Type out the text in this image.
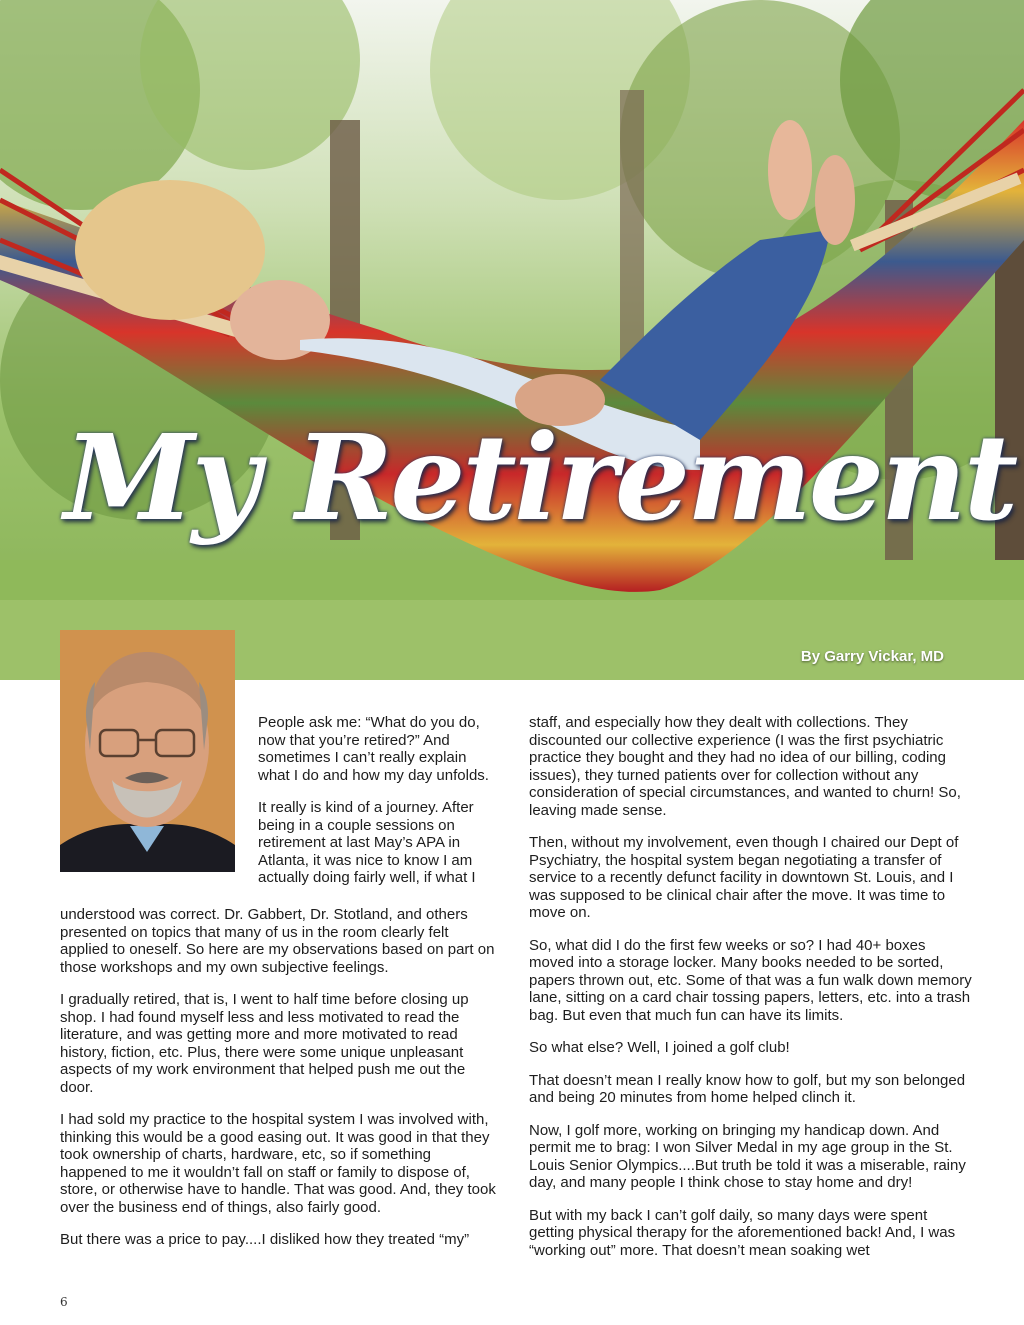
My Retirement
By Garry Vickar, MD

People ask me: “What do you do, now that you’re retired?” And sometimes I can’t really explain what I do and how my day unfolds.

It really is kind of a journey. After being in a couple sessions on retirement at last May’s APA in Atlanta, it was nice to know I am actually doing fairly well, if what I

understood was correct. Dr. Gabbert, Dr. Stotland, and others presented on topics that many of us in the room clearly felt applied to oneself. So here are my observations based on part on those workshops and my own subjective feelings.

I gradually retired, that is, I went to half time before closing up shop. I had found myself less and less motivated to read the literature, and was getting more and more motivated to read history, fiction, etc. Plus, there were some unique unpleasant aspects of my work environment that helped push me out the door.

I had sold my practice to the hospital system I was involved with, thinking this would be a good easing out. It was good in that they took ownership of charts, hardware, etc, so if something happened to me it wouldn’t fall on staff or family to dispose of, store, or otherwise have to handle. That was good. And, they took over the business end of things, also fairly good.

But there was a price to pay....I disliked how they treated “my”

staff, and especially how they dealt with collections. They discounted our collective experience (I was the first psychiatric practice they bought and they had no idea of our billing, coding issues), they turned patients over for collection without any consideration of special circumstances, and wanted to churn! So, leaving made sense.

Then, without my involvement, even though I chaired our Dept of Psychiatry, the hospital system began negotiating a transfer of service to a recently defunct facility in downtown St. Louis, and I was supposed to be clinical chair after the move. It was time to move on.

So, what did I do the first few weeks or so? I had 40+ boxes moved into a storage locker. Many books needed to be sorted, papers thrown out, etc. Some of that was a fun walk down memory lane, sitting on a card chair tossing papers, letters, etc. into a trash bag. But even that much fun can have its limits.

So what else? Well, I joined a golf club!

That doesn’t mean I really know how to golf, but my son belonged and being 20 minutes from home helped clinch it.

Now, I golf more, working on bringing my handicap down. And permit me to brag: I won Silver Medal in my age group in the St. Louis Senior Olympics....But truth be told it was a miserable, rainy day, and many people I think chose to stay home and dry!

But with my back I can’t golf daily, so many days were spent getting physical therapy for the aforementioned back! And, I was “working out” more. That doesn’t mean soaking wet

6
